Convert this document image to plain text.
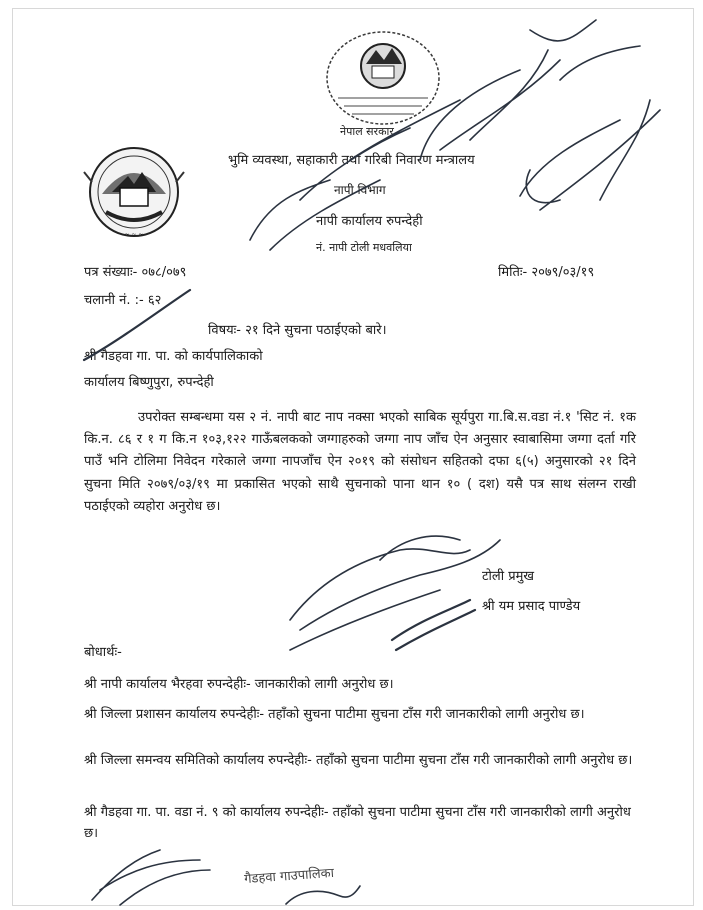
~ ~ ~
नेपाल सरकार
भुमि व्यवस्था, सहाकारी तथा गरिबी निवारण मन्त्रालय
नापी विभाग
नापी कार्यालय रुपन्देही
नं. नापी टोली मधवलिया
पत्र संख्याः- ०७८/०७९
चलानी नं. :- ६२
मितिः- २०७९/०३/१९
विषयः- २१ दिने सुचना पठाईएको बारे।
श्री गैडहवा गा. पा. को कार्यपालिकाको
कार्यालय बिष्णुपुरा, रुपन्देही
उपरोक्त सम्बन्धमा यस २ नं. नापी बाट नाप नक्सा भएको साबिक सूर्यपुरा गा.बि.स.वडा नं.१ 'सिट नं. १क कि.न. ८६ र १ ग कि.न १०३,१२२ गाऊँबलकको जग्गाहरुको जग्गा नाप जाँच ऐन अनुसार स्वाबासिमा जग्गा दर्ता गरि पाउँ भनि टोलिमा निवेदन गरेकाले जग्गा नापजाँच ऐन २०१९ को संसोधन सहितको दफा ६(५) अनुसारको २१ दिने सुचना मिति २०७९/०३/१९ मा प्रकासित भएको साथै सुचनाको पाना थान १० ( दश) यसै पत्र साथ संलग्न राखी पठाईएको व्यहोरा अनुरोध छ।
टोली प्रमुख
श्री यम प्रसाद पाण्डेय
बोधार्थः-
श्री नापी कार्यालय भैरहवा रुपन्देहीः- जानकारीको लागी अनुरोध छ।
श्री जिल्ला प्रशासन कार्यालय रुपन्देहीः- तहाँको सुचना पाटीमा सुचना टाँस गरी जानकारीको लागी अनुरोध छ।
श्री जिल्ला समन्वय समितिको कार्यालय रुपन्देहीः- तहाँको सुचना पाटीमा सुचना टाँस गरी जानकारीको लागी अनुरोध छ।
श्री गैडहवा गा. पा. वडा नं. ९ को कार्यालय रुपन्देहीः- तहाँको सुचना पाटीमा सुचना टाँस गरी जानकारीको लागी अनुरोध छ।
गैडहवा गाउपालिका
